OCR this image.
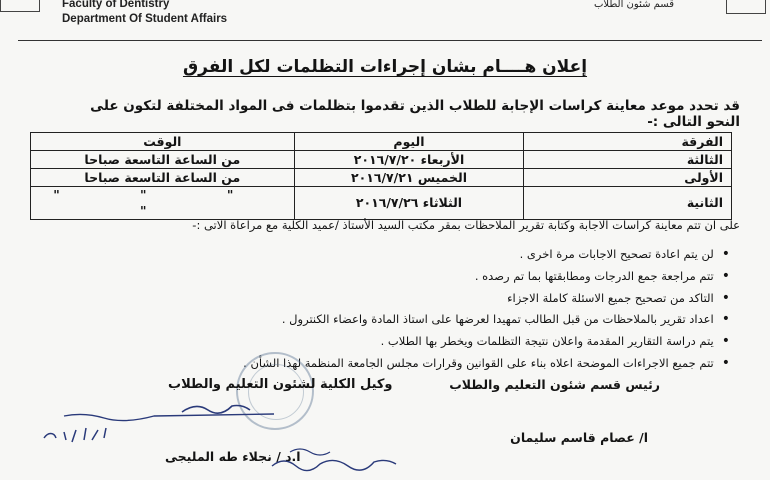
Faculty of Dentistry
Department Of Student Affairs
قسم شئون الطلاب
إعلان هــــام بشان إجراءات التظلمات لكل الفرق
قد تحدد موعد معاينة كراسات الإجابة للطلاب الذين تقدموا بتظلمات فى المواد المختلفة لتكون على النحو التالى :-
الفرقة	اليوم	الوقت
الثالثة	الأربعاء ٢٠١٦/٧/٢٠	من الساعة التاسعة صباحا
الأولى	الخميس ٢٠١٦/٧/٢١	من الساعة التاسعة صباحا
الثانية	الثلاثاء ٢٠١٦/٧/٢٦	" " " "
على ان تتم معاينة كراسات الاجابة وكتابة تقرير الملاحظات بمقر مكتب السيد الأستاذ /عميد الكلية مع مراعاة الاتى :-
• لن يتم اعادة تصحيح الاجابات مرة اخرى .
• تتم مراجعة جمع الدرجات ومطابقتها بما تم رصده .
• التاكد من تصحيح جميع الاسئلة كاملة الاجزاء
• اعداد تقرير بالملاحظات من قبل الطالب تمهيدا لعرضها على استاذ المادة واعضاء الكنترول .
• يتم دراسة التقارير المقدمة واعلان نتيجة التظلمات ويخطر بها الطلاب .
• تتم جميع الاجراءات الموضحة اعلاه بناء على القوانين وقرارات مجلس الجامعة المنظمة لهذا الشأن .
وكيل الكلية لشئون التعليم والطلاب	رئيس قسم شئون التعليم والطلاب
ا.د / نجلاء طه المليجى
ا/ عصام قاسم سليمان
